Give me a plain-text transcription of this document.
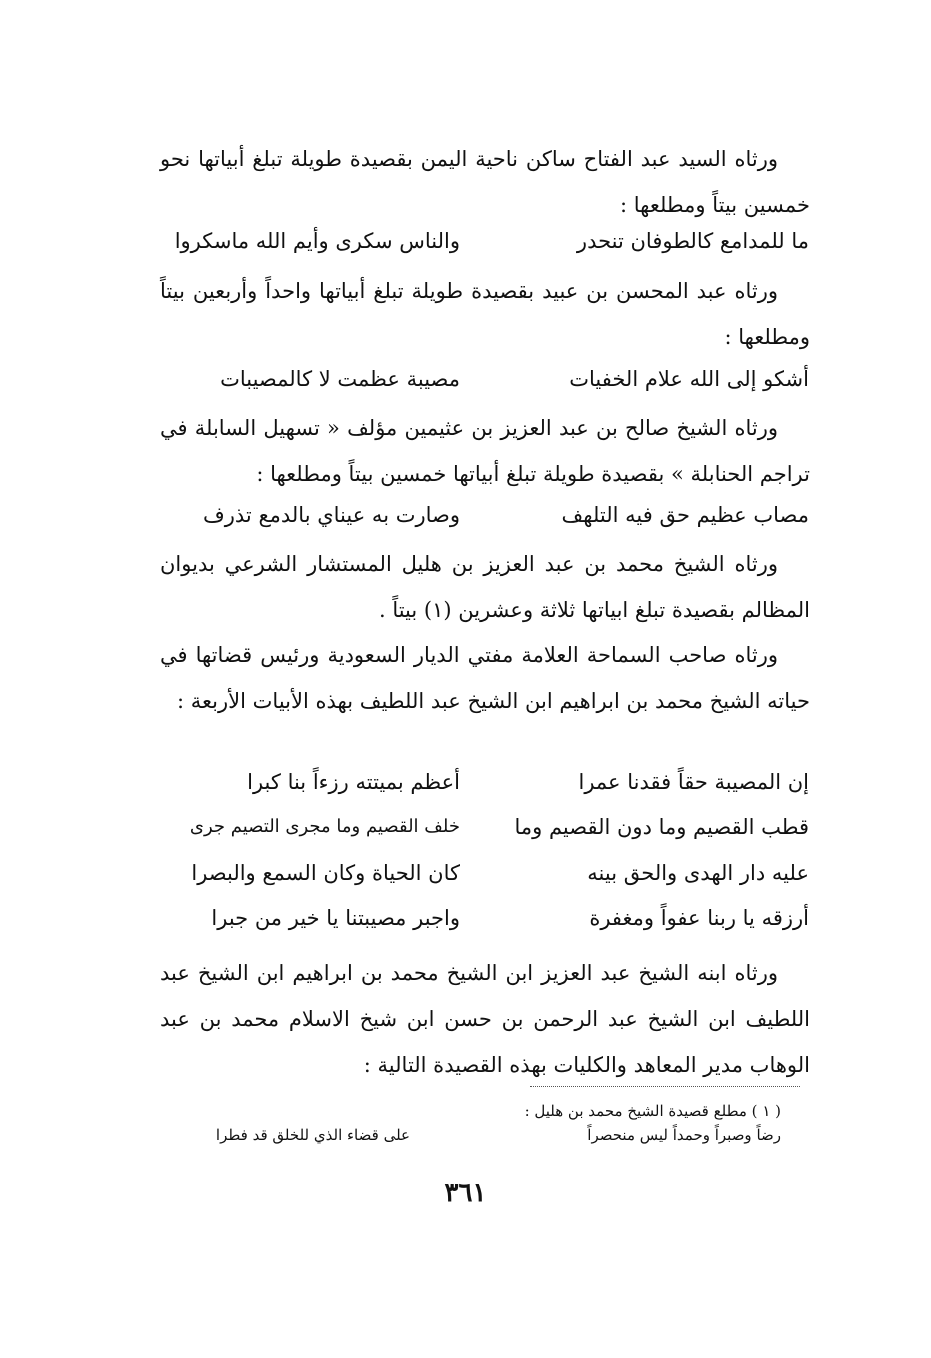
ورثاه السيد عبد الفتاح ساكن ناحية اليمن بقصيدة طويلة تبلغ أبياتها نحو خمسين بيتاً ومطلعها :

ما للمدامع كالطوفان تنحدر
والناس سكرى وأيم الله ماسكروا

ورثاه عبد المحسن بن عبيد بقصيدة طويلة تبلغ أبياتها واحداً وأربعين بيتاً ومطلعها :

أشكو إلى الله علام الخفيات
مصيبة عظمت لا كالمصيبات

ورثاه الشيخ صالح بن عبد العزيز بن عثيمين مؤلف « تسهيل السابلة في تراجم الحنابلة » بقصيدة طويلة تبلغ أبياتها خمسين بيتاً ومطلعها :

مصاب عظيم حق فيه التلهف
وصارت به عيناي بالدمع تذرف

ورثاه الشيخ محمد بن عبد العزيز بن هليل المستشار الشرعي بديوان المظالم بقصيدة تبلغ ابياتها ثلاثة وعشرين (١) بيتاً .

ورثاه صاحب السماحة العلامة مفتي الديار السعودية ورئيس قضاتها في حياته الشيخ محمد بن ابراهيم ابن الشيخ عبد اللطيف بهذه الأبيات الأربعة :

إن المصيبة حقاً فقدنا عمرا
أعظم بميتته رزءاً بنا كبرا
قطب القصيم وما دون القصيم وما
خلف القصيم وما مجرى التصيم جرى
عليه دار الهدى والحق بينه
كان الحياة وكان السمع والبصرا
أرزقه يا ربنا عفواً ومغفرة
واجبر مصيبتنا يا خير من جبرا

ورثاه ابنه الشيخ عبد العزيز ابن الشيخ محمد بن ابراهيم ابن الشيخ عبد اللطيف ابن الشيخ عبد الرحمن بن حسن ابن شيخ الاسلام محمد بن عبد الوهاب مدير المعاهد والكليات بهذه القصيدة التالية :

( ١ ) مطلع قصيدة الشيخ محمد بن هليل :
رضاً وصبراً وحمداً ليس منحصراً
على قضاء الذي للخلق قد فطرا
٣٦١
